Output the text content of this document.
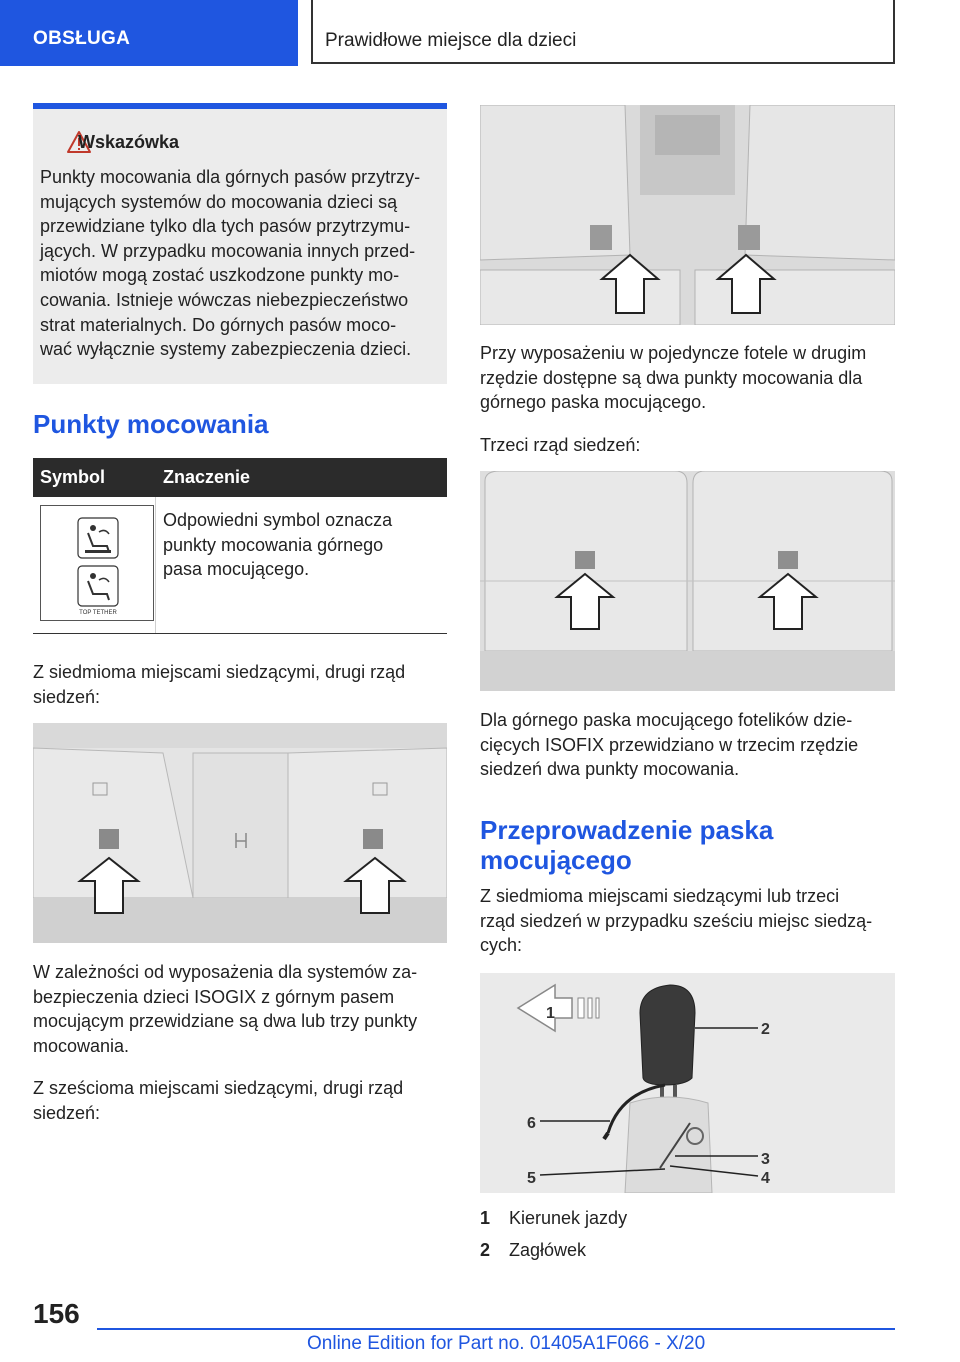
OBSŁUGA	Prawidłowe miejsce dla dzieci
Wskazówka
Punkty mocowania dla górnych pasów przytrzy-
mujących systemów do mocowania dzieci są
przewidziane tylko dla tych pasów przytrzymu-
jących. W przypadku mocowania innych przed-
miotów mogą zostać uszkodzone punkty mo-
cowania. Istnieje wówczas niebezpieczeństwo
strat materialnych. Do górnych pasów moco-
wać wyłącznie systemy zabezpieczenia dzieci.
Punkty mocowania
Symbol	Znaczenie
TOP TETHER
Odpowiedni symbol oznacza
punkty mocowania górnego
pasa mocującego.
Z siedmioma miejscami siedzącymi, drugi rząd
siedzeń:
W zależności od wyposażenia dla systemów za-
bezpieczenia dzieci ISOGIX z górnym pasem
mocującym przewidziane są dwa lub trzy punkty
mocowania.
Z sześcioma miejscami siedzącymi, drugi rząd
siedzeń:
Przy wyposażeniu w pojedyncze fotele w drugim
rzędzie dostępne są dwa punkty mocowania dla
górnego paska mocującego.
Trzeci rząd siedzeń:
Dla górnego paska mocującego fotelików dzie-
cięcych ISOFIX przewidziano w trzecim rzędzie
siedzeń dwa punkty mocowania.
Przeprowadzenie paska
mocującego
Z siedmioma miejscami siedzącymi lub trzeci
rząd siedzeń w przypadku sześciu miejsc siedzą-
cych:
1
2
3
4
5
6
1 Kierunek jazdy
2 Zagłówek
156
Online Edition for Part no. 01405A1F066 - X/20
